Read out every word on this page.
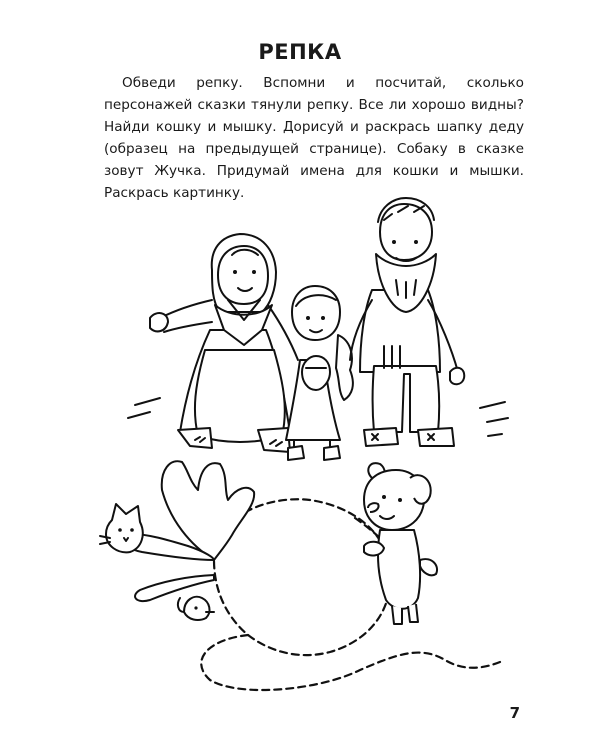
РЕПКА

Обведи репку. Вспомни и посчитай, сколько персонажей сказки тянули репку. Все ли хорошо видны? Найди кошку и мышку. Дорисуй и раскрась шапку деду (образец на предыдущей странице). Собаку в сказке зовут Жучка. Придумай имена для кошки и мышки. Раскрась картинку.

7
